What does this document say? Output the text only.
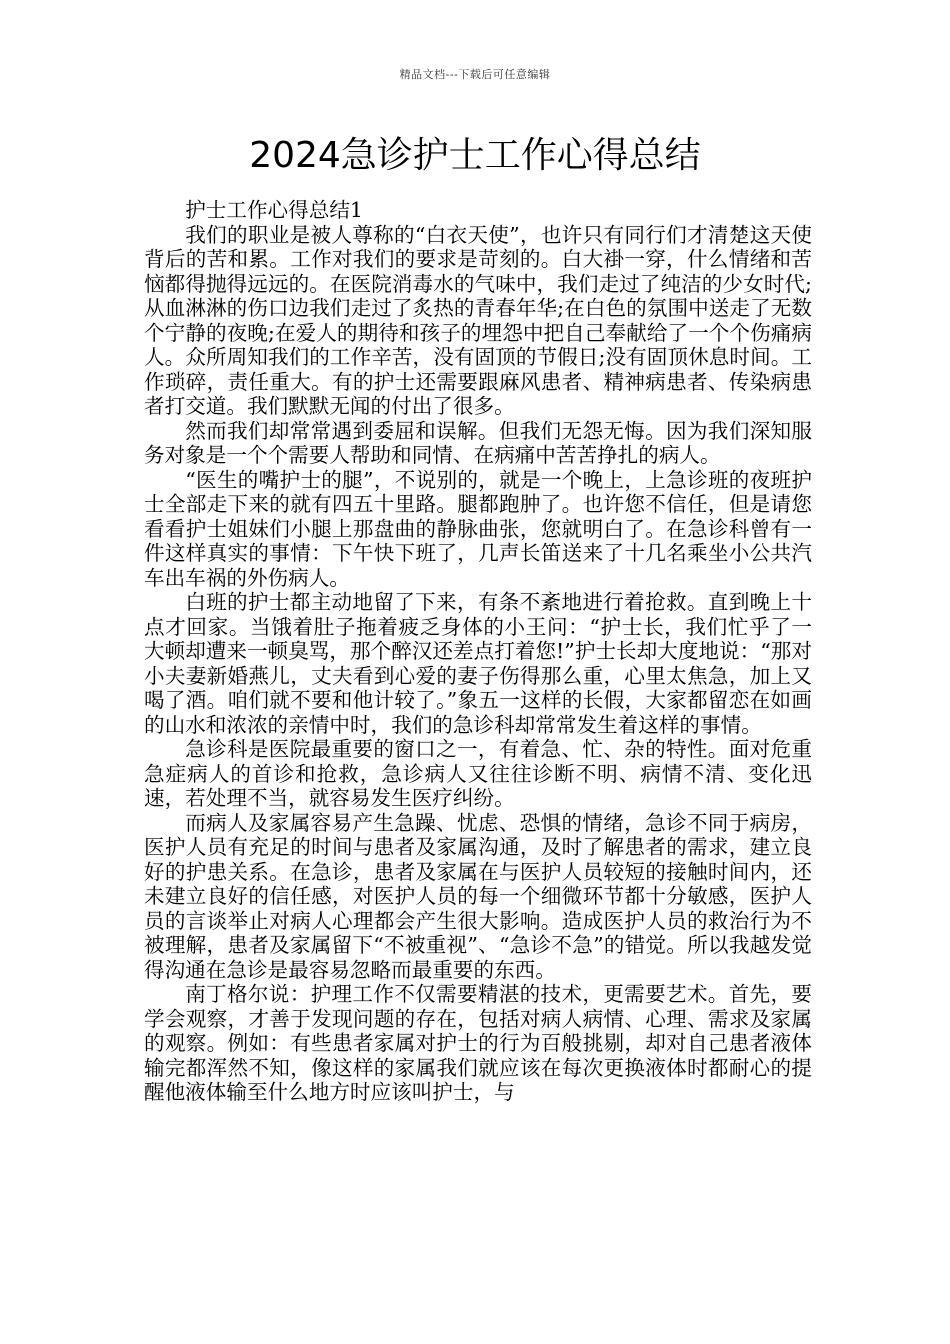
精品文档---下载后可任意编辑
2024急诊护士工作心得总结

护士工作心得总结1

我们的职业是被人尊称的“白衣天使”，也许只有同行们才清楚这天使背后的苦和累。工作对我们的要求是苛刻的。白大褂一穿，什么情绪和苦恼都得抛得远远的。在医院消毒水的气味中，我们走过了纯洁的少女时代;从血淋淋的伤口边我们走过了炙热的青春年华;在白色的氛围中送走了无数个宁静的夜晚;在爱人的期待和孩子的埋怨中把自己奉献给了一个个伤痛病人。众所周知我们的工作辛苦，没有固顶的节假日;没有固顶休息时间。工作琐碎，责任重大。有的护士还需要跟麻风患者、精神病患者、传染病患者打交道。我们默默无闻的付出了很多。

然而我们却常常遇到委屈和误解。但我们无怨无悔。因为我们深知服务对象是一个个需要人帮助和同情、在病痛中苦苦挣扎的病人。

“医生的嘴护士的腿”，不说别的，就是一个晚上，上急诊班的夜班护士全部走下来的就有四五十里路。腿都跑肿了。也许您不信任，但是请您看看护士姐妹们小腿上那盘曲的静脉曲张，您就明白了。在急诊科曾有一件这样真实的事情：下午快下班了，几声长笛送来了十几名乘坐小公共汽车出车祸的外伤病人。

白班的护士都主动地留了下来，有条不紊地进行着抢救。直到晚上十点才回家。当饿着肚子拖着疲乏身体的小王问：“护士长，我们忙乎了一大顿却遭来一顿臭骂，那个醉汉还差点打着您!”护士长却大度地说：“那对小夫妻新婚燕儿，丈夫看到心爱的妻子伤得那么重，心里太焦急，加上又喝了酒。咱们就不要和他计较了。”象五一这样的长假，大家都留恋在如画的山水和浓浓的亲情中时，我们的急诊科却常常发生着这样的事情。

急诊科是医院最重要的窗口之一，有着急、忙、杂的特性。面对危重急症病人的首诊和抢救，急诊病人又往往诊断不明、病情不清、变化迅速，若处理不当，就容易发生医疗纠纷。

而病人及家属容易产生急躁、忧虑、恐惧的情绪，急诊不同于病房，医护人员有充足的时间与患者及家属沟通，及时了解患者的需求，建立良好的护患关系。在急诊，患者及家属在与医护人员较短的接触时间内，还未建立良好的信任感，对医护人员的每一个细微环节都十分敏感，医护人员的言谈举止对病人心理都会产生很大影响。造成医护人员的救治行为不被理解，患者及家属留下“不被重视”、“急诊不急”的错觉。所以我越发觉得沟通在急诊是最容易忽略而最重要的东西。

南丁格尔说：护理工作不仅需要精湛的技术，更需要艺术。首先，要学会观察，才善于发现问题的存在，包括对病人病情、心理、需求及家属的观察。例如：有些患者家属对护士的行为百般挑剔，却对自己患者液体输完都浑然不知，像这样的家属我们就应该在每次更换液体时都耐心的提醒他液体输至什么地方时应该叫护士，与
